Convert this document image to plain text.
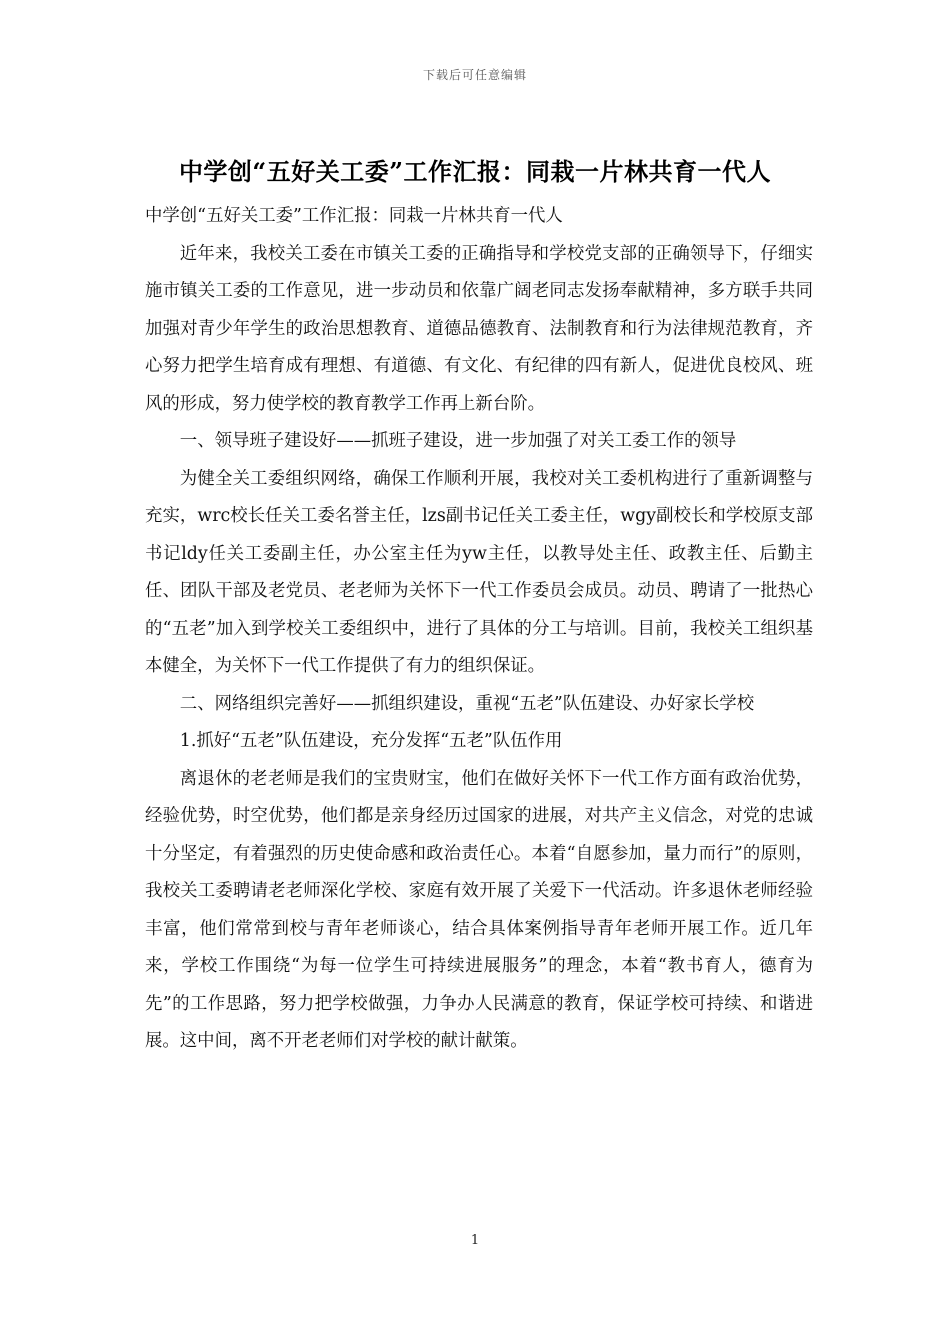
下载后可任意编辑
中学创“五好关工委”工作汇报：同栽一片林共育一代人

中学创“五好关工委”工作汇报：同栽一片林共育一代人

近年来，我校关工委在市镇关工委的正确指导和学校党支部的正确领导下，仔细实施市镇关工委的工作意见，进一步动员和依靠广阔老同志发扬奉献精神，多方联手共同加强对青少年学生的政治思想教育、道德品德教育、法制教育和行为法律规范教育，齐心努力把学生培育成有理想、有道德、有文化、有纪律的四有新人，促进优良校风、班风的形成，努力使学校的教育教学工作再上新台阶。

一、领导班子建设好——抓班子建设，进一步加强了对关工委工作的领导

为健全关工委组织网络，确保工作顺利开展，我校对关工委机构进行了重新调整与充实，wrc校长任关工委名誉主任，lzs副书记任关工委主任，wgy副校长和学校原支部书记ldy任关工委副主任，办公室主任为yw主任，以教导处主任、政教主任、后勤主任、团队干部及老党员、老老师为关怀下一代工作委员会成员。动员、聘请了一批热心的“五老”加入到学校关工委组织中，进行了具体的分工与培训。目前，我校关工组织基本健全，为关怀下一代工作提供了有力的组织保证。

二、网络组织完善好——抓组织建设，重视“五老”队伍建设、办好家长学校

1.抓好“五老”队伍建设，充分发挥“五老”队伍作用

离退休的老老师是我们的宝贵财宝，他们在做好关怀下一代工作方面有政治优势，经验优势，时空优势，他们都是亲身经历过国家的进展，对共产主义信念，对党的忠诚十分坚定，有着强烈的历史使命感和政治责任心。本着“自愿参加，量力而行”的原则，我校关工委聘请老老师深化学校、家庭有效开展了关爱下一代活动。许多退休老师经验丰富，他们常常到校与青年老师谈心，结合具体案例指导青年老师开展工作。近几年来，学校工作围绕“为每一位学生可持续进展服务”的理念，本着“教书育人，德育为先”的工作思路，努力把学校做强，力争办人民满意的教育，保证学校可持续、和谐进展。这中间，离不开老老师们对学校的献计献策。

1
